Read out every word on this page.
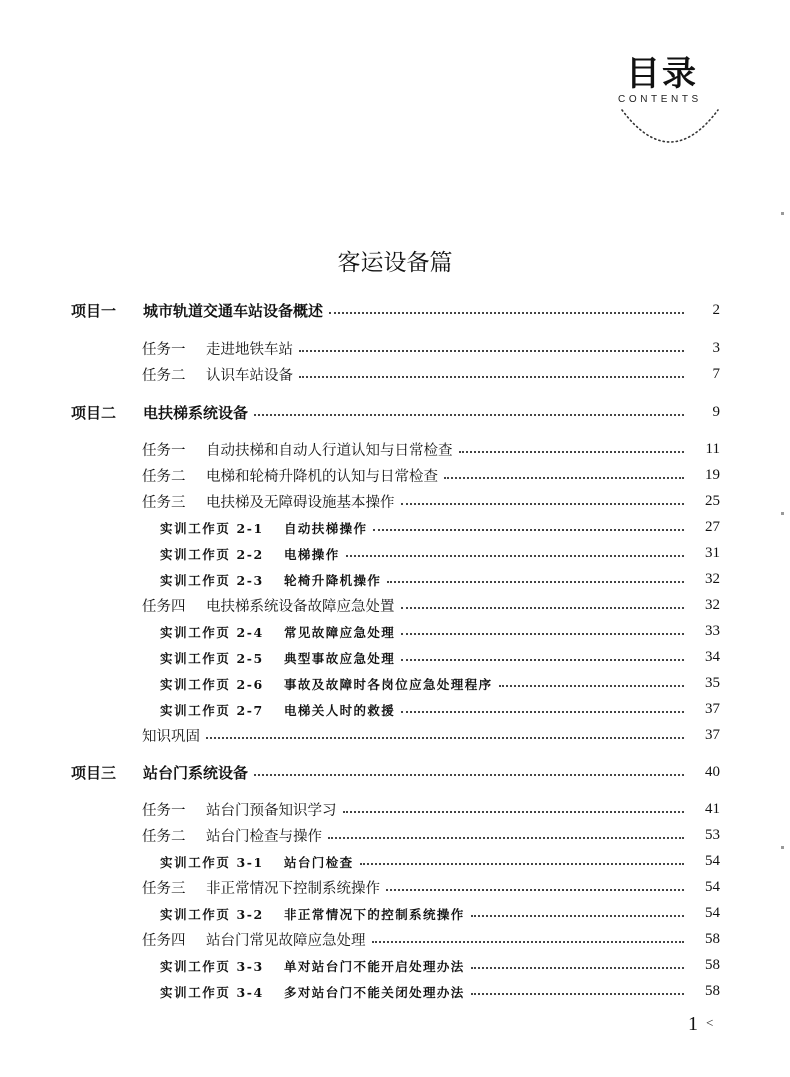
目录
CONTENTS
客运设备篇
项目一 城市轨道交通车站设备概述	2
任务一 走进地铁车站	3
任务二 认识车站设备	7
项目二 电扶梯系统设备	9
任务一 自动扶梯和自动人行道认知与日常检查	11
任务二 电梯和轮椅升降机的认知与日常检查	19
任务三 电扶梯及无障碍设施基本操作	25
实训工作页 2-1 自动扶梯操作	27
实训工作页 2-2 电梯操作	31
实训工作页 2-3 轮椅升降机操作	32
任务四 电扶梯系统设备故障应急处置	32
实训工作页 2-4 常见故障应急处理	33
实训工作页 2-5 典型事故应急处理	34
实训工作页 2-6 事故及故障时各岗位应急处理程序	35
实训工作页 2-7 电梯关人时的救援	37
知识巩固	37
项目三 站台门系统设备	40
任务一 站台门预备知识学习	41
任务二 站台门检查与操作	53
实训工作页 3-1 站台门检查	54
任务三 非正常情况下控制系统操作	54
实训工作页 3-2 非正常情况下的控制系统操作	54
任务四 站台门常见故障应急处理	58
实训工作页 3-3 单对站台门不能开启处理办法	58
实训工作页 3-4 多对站台门不能关闭处理办法	58
1 <
